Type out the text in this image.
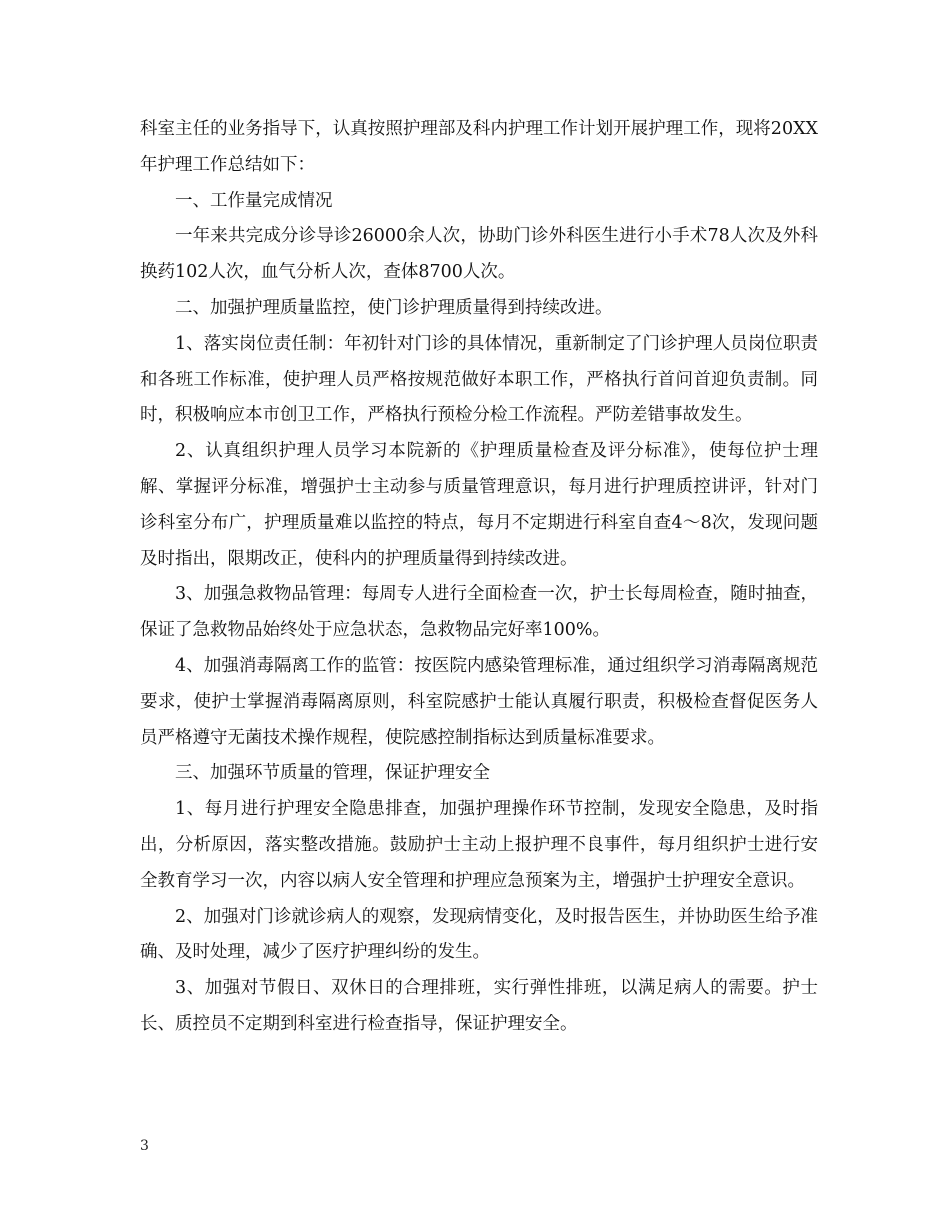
科室主任的业务指导下，认真按照护理部及科内护理工作计划开展护理工作，现将20XX年护理工作总结如下：

一、工作量完成情况

一年来共完成分诊导诊26000余人次，协助门诊外科医生进行小手术78人次及外科换药102人次，血气分析人次，查体8700人次。

二、加强护理质量监控，使门诊护理质量得到持续改进。

1、落实岗位责任制：年初针对门诊的具体情况，重新制定了门诊护理人员岗位职责和各班工作标准，使护理人员严格按规范做好本职工作，严格执行首问首迎负责制。同时，积极响应本市创卫工作，严格执行预检分检工作流程。严防差错事故发生。

2、认真组织护理人员学习本院新的《护理质量检查及评分标准》，使每位护士理解、掌握评分标准，增强护士主动参与质量管理意识，每月进行护理质控讲评，针对门诊科室分布广，护理质量难以监控的特点，每月不定期进行科室自查4～8次，发现问题及时指出，限期改正，使科内的护理质量得到持续改进。

3、加强急救物品管理：每周专人进行全面检查一次，护士长每周检查，随时抽查，保证了急救物品始终处于应急状态，急救物品完好率100%。

4、加强消毒隔离工作的监管：按医院内感染管理标准，通过组织学习消毒隔离规范要求，使护士掌握消毒隔离原则，科室院感护士能认真履行职责，积极检查督促医务人员严格遵守无菌技术操作规程，使院感控制指标达到质量标准要求。

三、加强环节质量的管理，保证护理安全

1、每月进行护理安全隐患排查，加强护理操作环节控制，发现安全隐患，及时指出，分析原因，落实整改措施。鼓励护士主动上报护理不良事件，每月组织护士进行安全教育学习一次，内容以病人安全管理和护理应急预案为主，增强护士护理安全意识。

2、加强对门诊就诊病人的观察，发现病情变化，及时报告医生，并协助医生给予准确、及时处理，减少了医疗护理纠纷的发生。

3、加强对节假日、双休日的合理排班，实行弹性排班，以满足病人的需要。护士长、质控员不定期到科室进行检查指导，保证护理安全。

3
